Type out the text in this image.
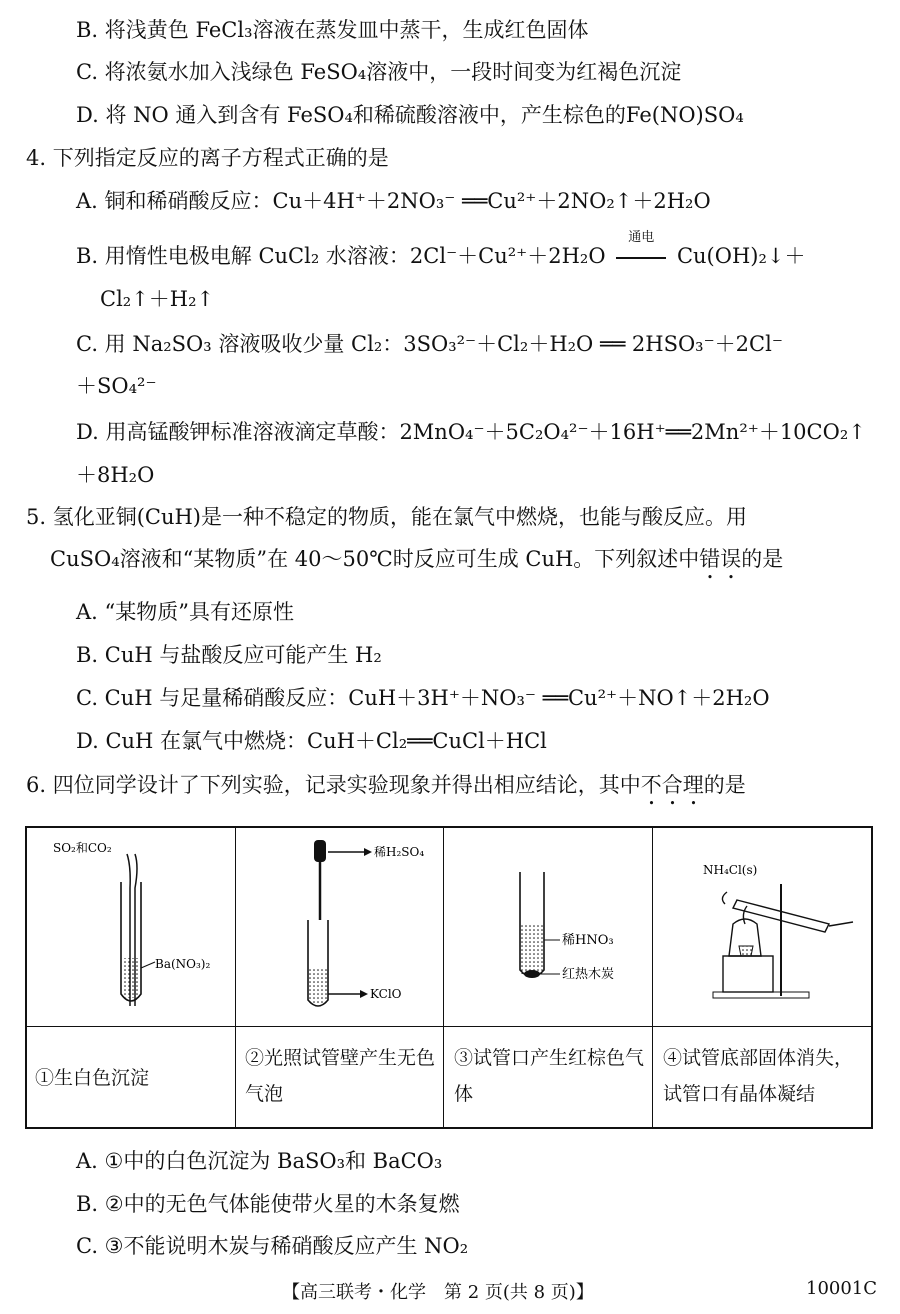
B. 将浅黄色 FeCl₃溶液在蒸发皿中蒸干，生成红色固体
C. 将浓氨水加入浅绿色 FeSO₄溶液中，一段时间变为红褐色沉淀
D. 将 NO 通入到含有 FeSO₄和稀硫酸溶液中，产生棕色的Fe(NO)SO₄
4. 下列指定反应的离子方程式正确的是
A. 铜和稀硝酸反应：Cu＋4H⁺＋2NO₃⁻ ══Cu²⁺＋2NO₂↑＋2H₂O
B. 用惰性电极电解 CuCl₂ 水溶液：2Cl⁻＋Cu²⁺＋2H₂O
通电
Cu(OH)₂↓＋
Cl₂↑＋H₂↑
C. 用 Na₂SO₃ 溶液吸收少量 Cl₂：3SO₃²⁻＋Cl₂＋H₂O ══ 2HSO₃⁻＋2Cl⁻
＋SO₄²⁻
D. 用高锰酸钾标准溶液滴定草酸：2MnO₄⁻＋5C₂O₄²⁻＋16H⁺══2Mn²⁺＋10CO₂↑
＋8H₂O
5. 氢化亚铜(CuH)是一种不稳定的物质，能在氯气中燃烧，也能与酸反应。用
CuSO₄溶液和“某物质”在 40～50℃时反应可生成 CuH。下列叙述中错误的是
A. “某物质”具有还原性
B. CuH 与盐酸反应可能产生 H₂
C. CuH 与足量稀硝酸反应：CuH＋3H⁺＋NO₃⁻ ══Cu²⁺＋NO↑＋2H₂O
D. CuH 在氯气中燃烧：CuH＋Cl₂══CuCl＋HCl
6. 四位同学设计了下列实验，记录实验现象并得出相应结论，其中不合理的是
SO₂和CO₂
Ba(NO₃)₂
稀H₂SO₄
KClO
稀HNO₃
红热木炭
NH₄Cl(s)
①生白色沉淀
②光照试管壁产生无色气泡
③试管口产生红棕色气体
④试管底部固体消失，试管口有晶体凝结
A. ①中的白色沉淀为 BaSO₃和 BaCO₃
B. ②中的无色气体能使带火星的木条复燃
C. ③不能说明木炭与稀硝酸反应产生 NO₂
【高三联考・化学　第 2 页(共 8 页)】	10001C
